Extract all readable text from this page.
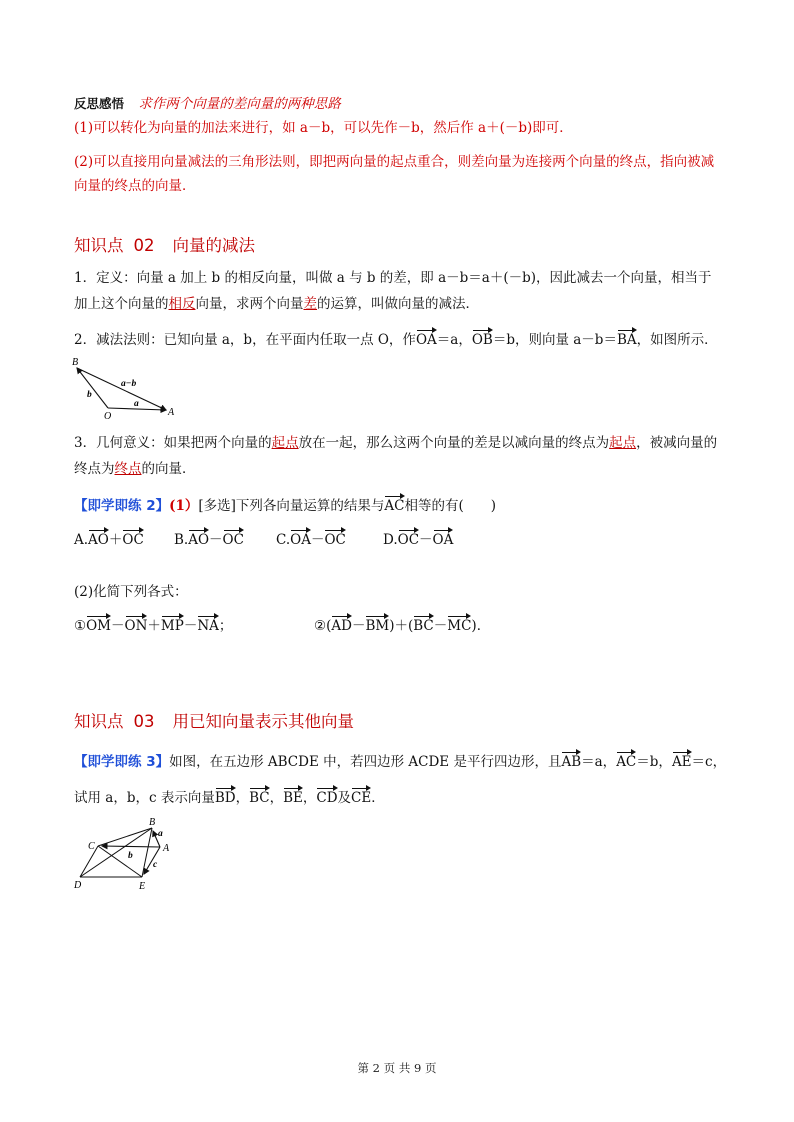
反思感悟 求作两个向量的差向量的两种思路
(1)可以转化为向量的加法来进行，如 a－b，可以先作－b，然后作 a＋(－b)即可．
(2)可以直接用向量减法的三角形法则，即把两向量的起点重合，则差向量为连接两个向量的终点，指向被减向量的终点的向量．
知识点 02 向量的减法
1．定义：向量 a 加上 b 的相反向量，叫做 a 与 b 的差，即 a－b＝a＋(－b)，因此减去一个向量，相当于加上这个向量的相反向量，求两个向量差的运算，叫做向量的减法．
2．减法法则：已知向量 a，b，在平面内任取一点 O，作OA＝a，OB＝b，则向量 a－b＝BA，如图所示．
B
O	A
a−b
a
b
3．几何意义：如果把两个向量的起点放在一起，那么这两个向量的差是以减向量的终点为起点，被减向量的终点为终点的向量．
【即学即练 2】(1）[多选]下列各向量运算的结果与AC相等的有(　　)
A.AO＋OC B.AO－OC C.OA－OC	D.OC－OA
(2)化简下列各式：
①OM－ON＋MP－NA；	②(AD－BM)＋(BC－MC)．
知识点 03 用已知向量表示其他向量
【即学即练 3】如图，在五边形 ABCDE 中，若四边形 ACDE 是平行四边形，且AB＝a，AC＝b，AE＝c，
试用 a，b，c 表示向量BD，BC，BE，CD及CE．
B
C	A
D	E
a
b
c
第 2 页 共 9 页
